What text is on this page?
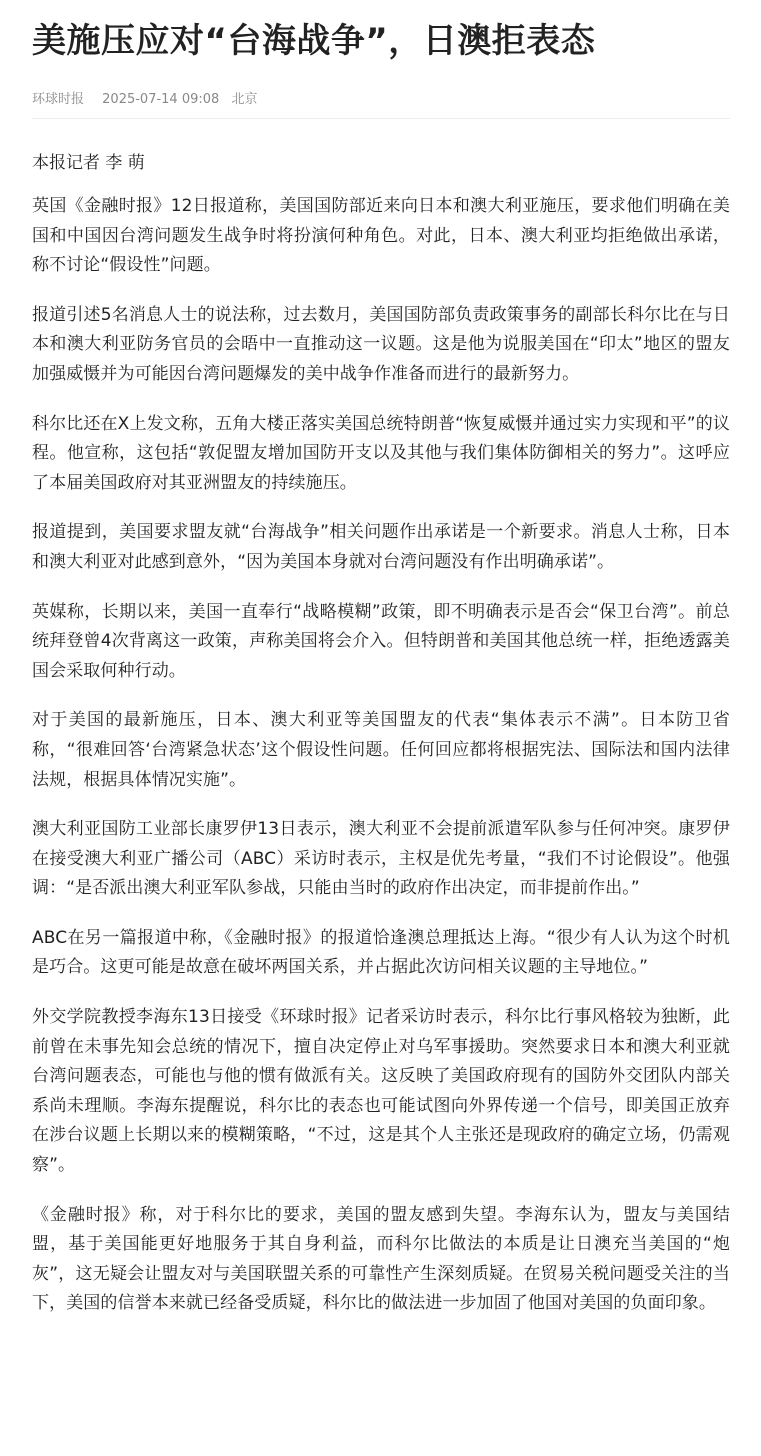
美施压应对“台海战争”，日澳拒表态
环球时报 2025-07-14 09:08 北京
本报记者 李 萌

英国《金融时报》12日报道称，美国国防部近来向日本和澳大利亚施压，要求他们明确在美国和中国因台湾问题发生战争时将扮演何种角色。对此，日本、澳大利亚均拒绝做出承诺，称不讨论“假设性”问题。

报道引述5名消息人士的说法称，过去数月，美国国防部负责政策事务的副部长科尔比在与日本和澳大利亚防务官员的会晤中一直推动这一议题。这是他为说服美国在“印太”地区的盟友加强威慑并为可能因台湾问题爆发的美中战争作准备而进行的最新努力。

科尔比还在X上发文称，五角大楼正落实美国总统特朗普“恢复威慑并通过实力实现和平”的议程。他宣称，这包括“敦促盟友增加国防开支以及其他与我们集体防御相关的努力”。这呼应了本届美国政府对其亚洲盟友的持续施压。

报道提到，美国要求盟友就“台海战争”相关问题作出承诺是一个新要求。消息人士称，日本和澳大利亚对此感到意外，“因为美国本身就对台湾问题没有作出明确承诺”。

英媒称，长期以来，美国一直奉行“战略模糊”政策，即不明确表示是否会“保卫台湾”。前总统拜登曾4次背离这一政策，声称美国将会介入。但特朗普和美国其他总统一样，拒绝透露美国会采取何种行动。

对于美国的最新施压，日本、澳大利亚等美国盟友的代表“集体表示不满”。日本防卫省称，“很难回答‘台湾紧急状态’这个假设性问题。任何回应都将根据宪法、国际法和国内法律法规，根据具体情况实施”。

澳大利亚国防工业部长康罗伊13日表示，澳大利亚不会提前派遣军队参与任何冲突。康罗伊在接受澳大利亚广播公司（ABC）采访时表示，主权是优先考量，“我们不讨论假设”。他强调：“是否派出澳大利亚军队参战，只能由当时的政府作出决定，而非提前作出。”

ABC在另一篇报道中称，《金融时报》的报道恰逢澳总理抵达上海。“很少有人认为这个时机是巧合。这更可能是故意在破坏两国关系，并占据此次访问相关议题的主导地位。”

外交学院教授李海东13日接受《环球时报》记者采访时表示，科尔比行事风格较为独断，此前曾在未事先知会总统的情况下，擅自决定停止对乌军事援助。突然要求日本和澳大利亚就台湾问题表态，可能也与他的惯有做派有关。这反映了美国政府现有的国防外交团队内部关系尚未理顺。李海东提醒说，科尔比的表态也可能试图向外界传递一个信号，即美国正放弃在涉台议题上长期以来的模糊策略，“不过，这是其个人主张还是现政府的确定立场，仍需观察”。

《金融时报》称，对于科尔比的要求，美国的盟友感到失望。李海东认为，盟友与美国结盟，基于美国能更好地服务于其自身利益，而科尔比做法的本质是让日澳充当美国的“炮灰”，这无疑会让盟友对与美国联盟关系的可靠性产生深刻质疑。在贸易关税问题受关注的当下，美国的信誉本来就已经备受质疑，科尔比的做法进一步加固了他国对美国的负面印象。
